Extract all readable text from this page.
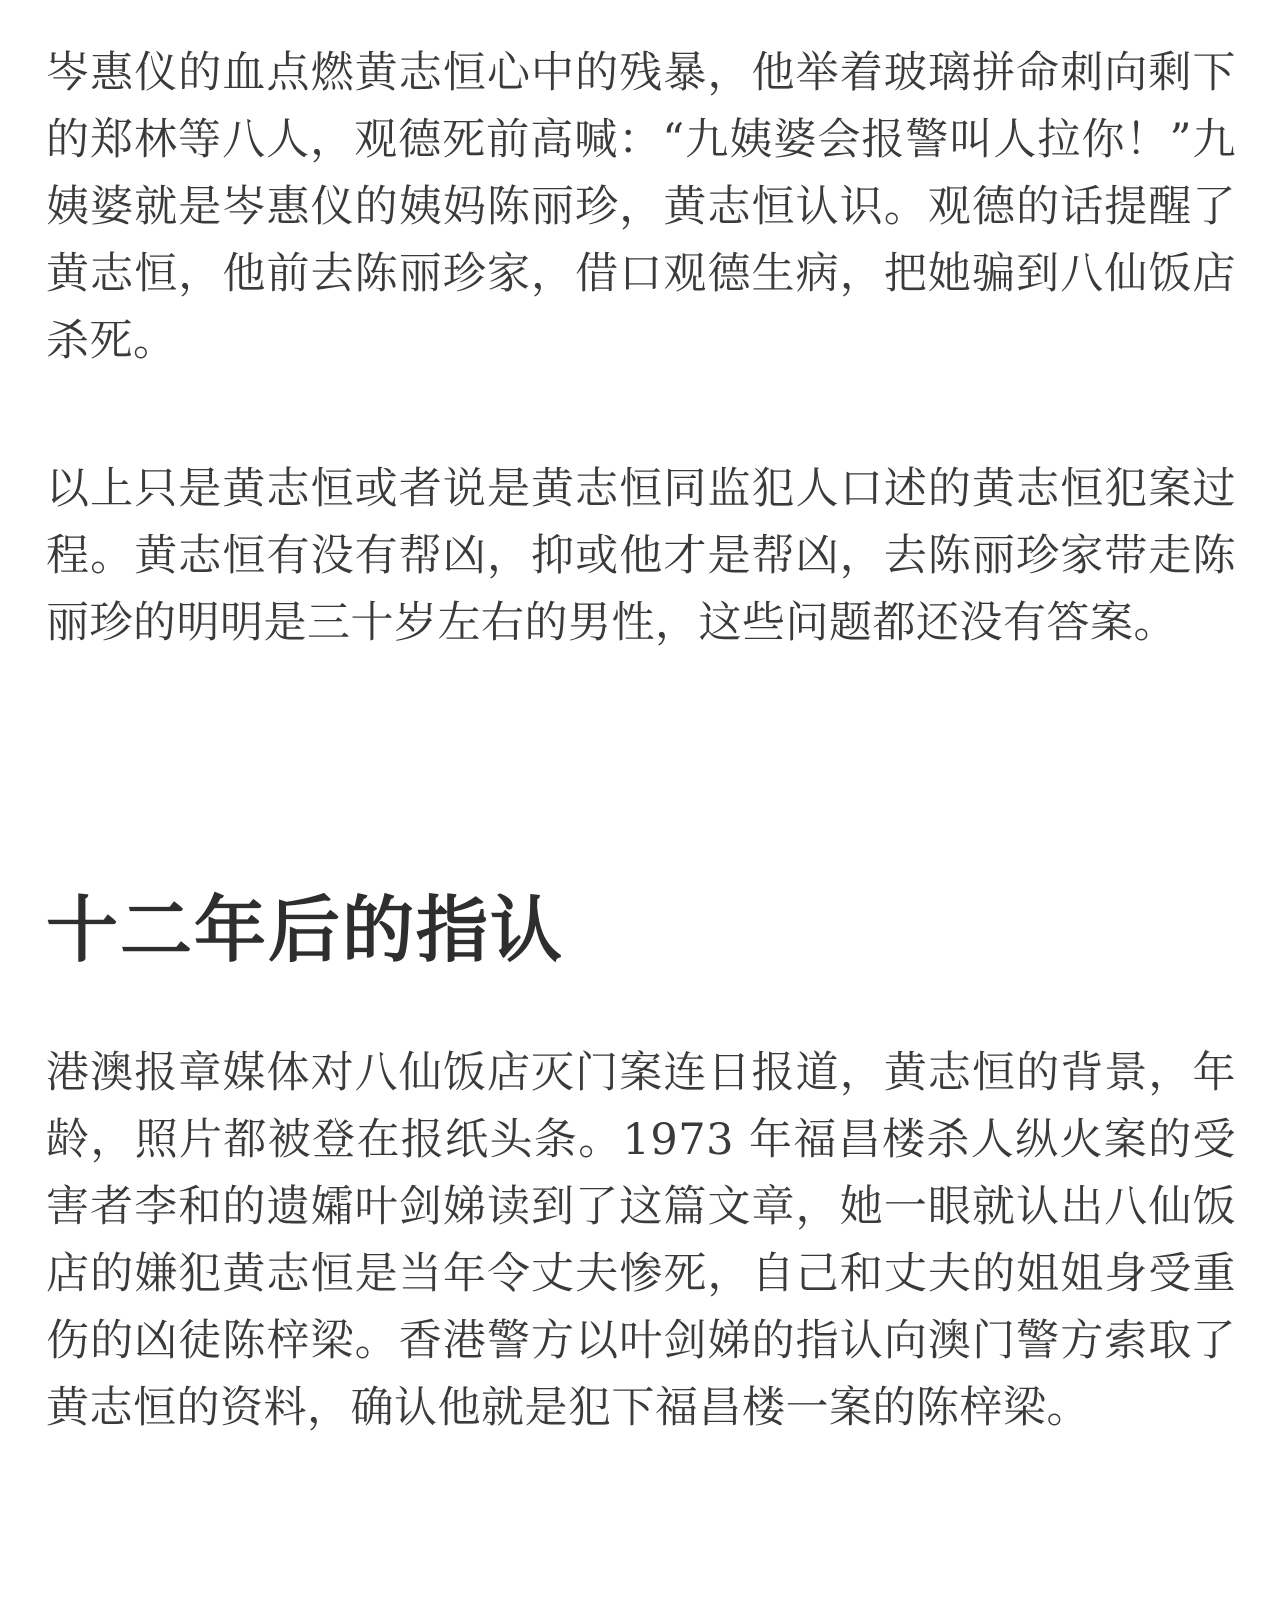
岑惠仪的血点燃黄志恒心中的残暴，他举着玻璃拼命刺向剩下的郑林等八人，观德死前高喊：“九姨婆会报警叫人拉你！”九姨婆就是岑惠仪的姨妈陈丽珍，黄志恒认识。观德的话提醒了黄志恒，他前去陈丽珍家，借口观德生病，把她骗到八仙饭店杀死。

以上只是黄志恒或者说是黄志恒同监犯人口述的黄志恒犯案过程。黄志恒有没有帮凶，抑或他才是帮凶，去陈丽珍家带走陈丽珍的明明是三十岁左右的男性，这些问题都还没有答案。

十二年后的指认

港澳报章媒体对八仙饭店灭门案连日报道，黄志恒的背景，年龄，照片都被登在报纸头条。1973 年福昌楼杀人纵火案的受害者李和的遗孀叶剑娣读到了这篇文章，她一眼就认出八仙饭店的嫌犯黄志恒是当年令丈夫惨死，自己和丈夫的姐姐身受重伤的凶徒陈梓梁。香港警方以叶剑娣的指认向澳门警方索取了黄志恒的资料，确认他就是犯下福昌楼一案的陈梓梁。
